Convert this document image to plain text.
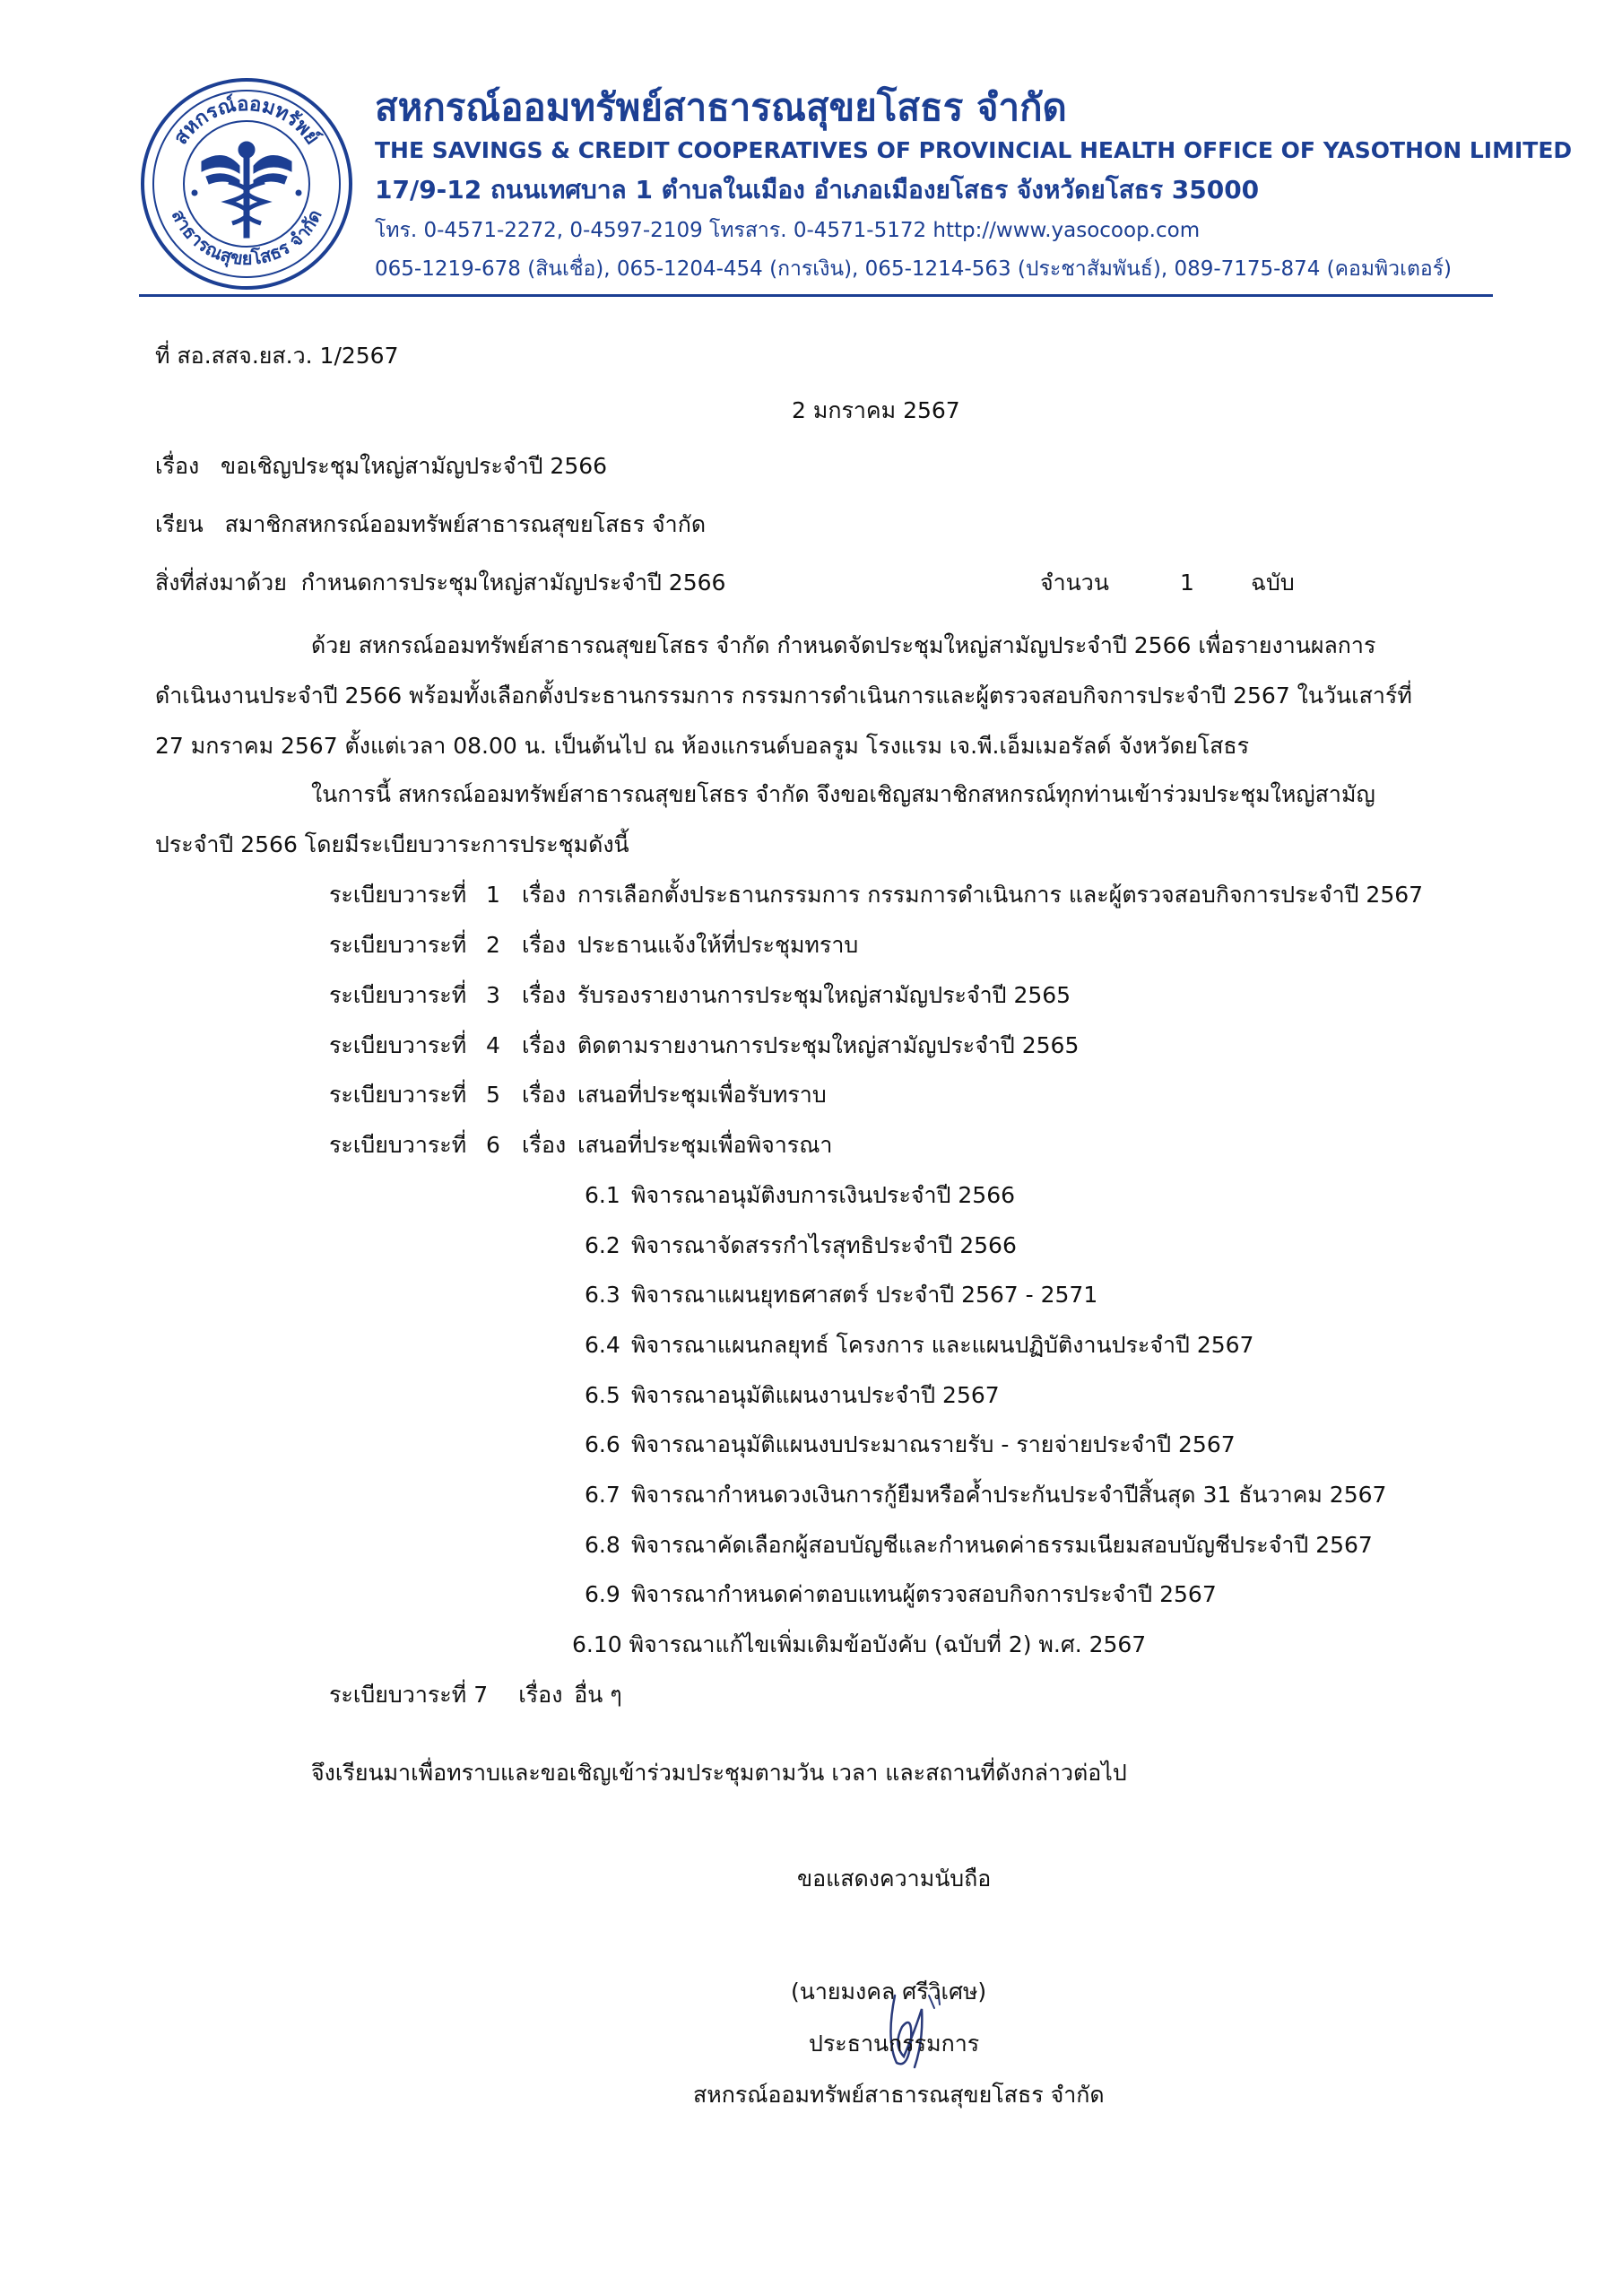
สหกรณ์ออมทรัพย์
สาธารณสุขยโสธร จำกัด
สหกรณ์ออมทรัพย์สาธารณสุขยโสธร จำกัด
THE SAVINGS & CREDIT COOPERATIVES OF PROVINCIAL HEALTH OFFICE OF YASOTHON LIMITED
17/9-12 ถนนเทศบาล 1 ตำบลในเมือง อำเภอเมืองยโสธร จังหวัดยโสธร 35000
โทร. 0-4571-2272, 0-4597-2109 โทรสาร. 0-4571-5172 http://www.yasocoop.com
065-1219-678 (สินเชื่อ), 065-1204-454 (การเงิน), 065-1214-563 (ประชาสัมพันธ์), 089-7175-874 (คอมพิวเตอร์)
ที่ สอ.สสจ.ยส.ว. 1/2567
2 มกราคม 2567
เรื่อง ขอเชิญประชุมใหญ่สามัญประจำปี 2566
เรียน สมาชิกสหกรณ์ออมทรัพย์สาธารณสุขยโสธร จำกัด
สิ่งที่ส่งมาด้วย กำหนดการประชุมใหญ่สามัญประจำปี 2566	จำนวน	1	ฉบับ
ด้วย สหกรณ์ออมทรัพย์สาธารณสุขยโสธร จำกัด กำหนดจัดประชุมใหญ่สามัญประจำปี 2566 เพื่อรายงานผลการ
ดำเนินงานประจำปี 2566 พร้อมทั้งเลือกตั้งประธานกรรมการ กรรมการดำเนินการและผู้ตรวจสอบกิจการประจำปี 2567 ในวันเสาร์ที่
27 มกราคม 2567 ตั้งแต่เวลา 08.00 น. เป็นต้นไป ณ ห้องแกรนด์บอลรูม โรงแรม เจ.พี.เอ็มเมอรัลด์ จังหวัดยโสธร
ในการนี้ สหกรณ์ออมทรัพย์สาธารณสุขยโสธร จำกัด จึงขอเชิญสมาชิกสหกรณ์ทุกท่านเข้าร่วมประชุมใหญ่สามัญ
ประจำปี 2566 โดยมีระเบียบวาระการประชุมดังนี้
ระเบียบวาระที่ 1 เรื่อง การเลือกตั้งประธานกรรมการ กรรมการดำเนินการ และผู้ตรวจสอบกิจการประจำปี 2567
ระเบียบวาระที่ 2 เรื่อง ประธานแจ้งให้ที่ประชุมทราบ
ระเบียบวาระที่ 3 เรื่อง รับรองรายงานการประชุมใหญ่สามัญประจำปี 2565
ระเบียบวาระที่ 4 เรื่อง ติดตามรายงานการประชุมใหญ่สามัญประจำปี 2565
ระเบียบวาระที่ 5 เรื่อง เสนอที่ประชุมเพื่อรับทราบ
ระเบียบวาระที่ 6 เรื่อง เสนอที่ประชุมเพื่อพิจารณา
6.1 พิจารณาอนุมัติงบการเงินประจำปี 2566
6.2 พิจารณาจัดสรรกำไรสุทธิประจำปี 2566
6.3 พิจารณาแผนยุทธศาสตร์ ประจำปี 2567 - 2571
6.4 พิจารณาแผนกลยุทธ์ โครงการ และแผนปฏิบัติงานประจำปี 2567
6.5 พิจารณาอนุมัติแผนงานประจำปี 2567
6.6 พิจารณาอนุมัติแผนงบประมาณรายรับ - รายจ่ายประจำปี 2567
6.7 พิจารณากำหนดวงเงินการกู้ยืมหรือค้ำประกันประจำปีสิ้นสุด 31 ธันวาคม 2567
6.8 พิจารณาคัดเลือกผู้สอบบัญชีและกำหนดค่าธรรมเนียมสอบบัญชีประจำปี 2567
6.9 พิจารณากำหนดค่าตอบแทนผู้ตรวจสอบกิจการประจำปี 2567
6.10 พิจารณาแก้ไขเพิ่มเติมข้อบังคับ (ฉบับที่ 2) พ.ศ. 2567
ระเบียบวาระที่ 7 เรื่อง อื่น ๆ
จึงเรียนมาเพื่อทราบและขอเชิญเข้าร่วมประชุมตามวัน เวลา และสถานที่ดังกล่าวต่อไป
ขอแสดงความนับถือ
(นายมงคล ศรีวิเศษ)
ประธานกรรมการ
สหกรณ์ออมทรัพย์สาธารณสุขยโสธร จำกัด
